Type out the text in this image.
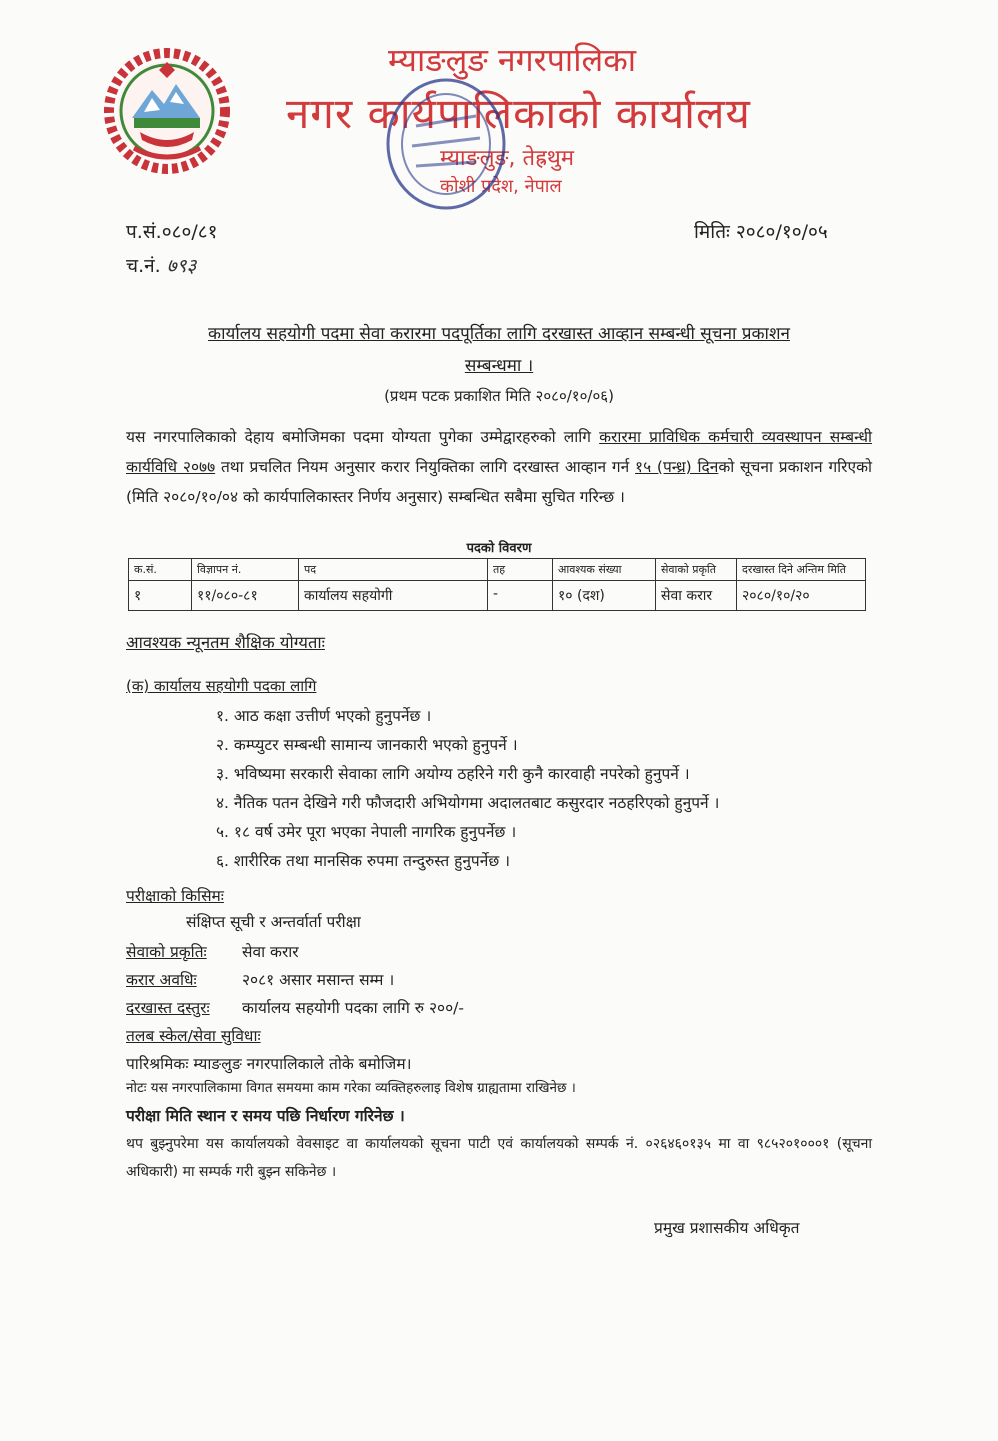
म्याङलुङ नगरपालिका
नगर कार्यपालिकाको कार्यालय
म्याङलुङ, तेह्रथुम
कोशी प्रदेश, नेपाल
प.सं.०८०/८१
च.नं. ७९३
मितिः २०८०/१०/०५
कार्यालय सहयोगी पदमा सेवा करारमा पदपूर्तिका लागि दरखास्त आव्हान सम्बन्धी सूचना प्रकाशन
सम्बन्धमा ।
(प्रथम पटक प्रकाशित मिति २०८०/१०/०६)
यस नगरपालिकाको देहाय बमोजिमका पदमा योग्यता पुगेका उम्मेद्वारहरुको लागि करारमा प्राविधिक कर्मचारी व्यवस्थापन सम्बन्धी कार्यविधि २०७७ तथा प्रचलित नियम अनुसार करार नियुक्तिका लागि दरखास्त आव्हान गर्न १५ (पन्ध्र) दिनको सूचना प्रकाशन गरिएको (मिति २०८०/१०/०४ को कार्यपालिकास्तर निर्णय अनुसार) सम्बन्धित सबैमा सुचित गरिन्छ ।
पदको विवरण
क.सं.	विज्ञापन नं.	पद	तह	आवश्यक संख्या	सेवाको प्रकृति	दरखास्त दिने अन्तिम मिति
१	११/०८०-८१	कार्यालय सहयोगी	-	१० (दश)	सेवा करार	२०८०/१०/२०
आवश्यक न्यूनतम शैक्षिक योग्यताः
(क) कार्यालय सहयोगी पदका लागि
१. आठ कक्षा उत्तीर्ण भएको हुनुपर्नेछ ।
२. कम्प्युटर सम्बन्धी सामान्य जानकारी भएको हुनुपर्ने ।
३. भविष्यमा सरकारी सेवाका लागि अयोग्य ठहरिने गरी कुनै कारवाही नपरेको हुनुपर्ने ।
४. नैतिक पतन देखिने गरी फौजदारी अभियोगमा अदालतबाट कसुरदार नठहरिएको हुनुपर्ने ।
५. १८ वर्ष उमेर पूरा भएका नेपाली नागरिक हुनुपर्नेछ ।
६. शारीरिक तथा मानसिक रुपमा तन्दुरुस्त हुनुपर्नेछ ।
परीक्षाको किसिमः
संक्षिप्त सूची र अन्तर्वार्ता परीक्षा
सेवाको प्रकृतिः सेवा करार
करार अवधिः	२०८१ असार मसान्त सम्म ।
दरखास्त दस्तुरः कार्यालय सहयोगी पदका लागि रु २००/-
तलब स्केल/सेवा सुविधाः
पारिश्रमिकः म्याङलुङ नगरपालिकाले तोके बमोजिम।
नोटः यस नगरपालिकामा विगत समयमा काम गरेका व्यक्तिहरुलाइ विशेष ग्राह्यतामा राखिनेछ ।
परीक्षा मिति स्थान र समय पछि निर्धारण गरिनेछ ।
थप बुझ्नुपरेमा यस कार्यालयको वेवसाइट वा कार्यालयको सूचना पाटी एवं कार्यालयको सम्पर्क नं. ०२६४६०१३५ मा वा ९८५२०१०००१ (सूचना अधिकारी) मा सम्पर्क गरी बुझ्न सकिनेछ ।
प्रमुख प्रशासकीय अधिकृत
